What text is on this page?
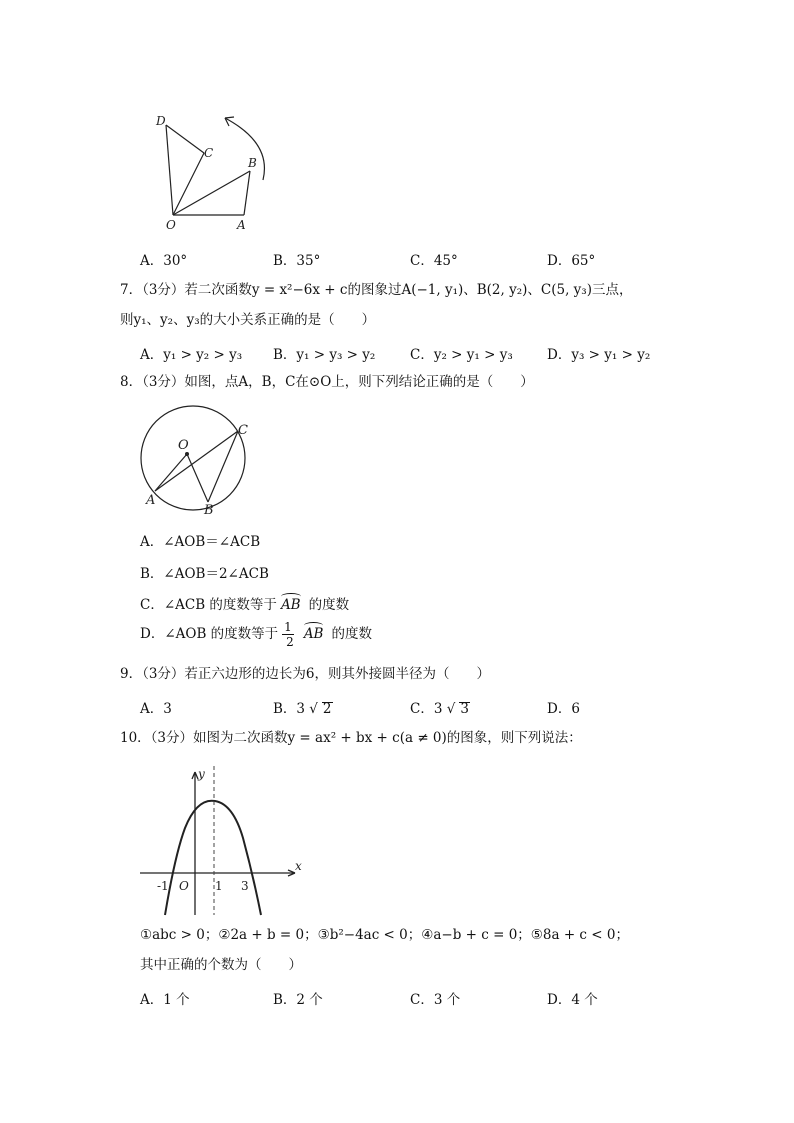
D
C
B
O	A
A．30°	B．35°	C．45°	D．65°
7．（3分）若二次函数y = x²−6x + c的图象过A(−1, y₁)、B(2, y₂)、C(5, y₃)三点，
则y₁、y₂、y₃的大小关系正确的是（　　）
A．y₁ > y₂ > y₃ B．y₁ > y₃ > y₂	C．y₂ > y₁ > y₃	D．y₃ > y₁ > y₂
8．（3分）如图，点A，B，C在⊙O上，则下列结论正确的是（　　）
O
C
A
B
A．∠AOB＝∠ACB
B．∠AOB＝2∠ACB
C．∠ACB 的度数等于 AB 的度数
D．∠AOB 的度数等于 $\frac{1}{2}$ AB 的度数
9．（3分）若正六边形的边长为6，则其外接圆半径为（　　）
A．3	B．3 √ 2	C．3 √ 3	D．6
10．（3分）如图为二次函数y = ax² + bx + c(a ≠ 0)的图象，则下列说法：
y
x
O
-1	1 3
①abc > 0；②2a + b = 0；③b²−4ac < 0；④a−b + c = 0；⑤8a + c < 0；
其中正确的个数为（　　）
A．1 个	B．2 个	C．3 个	D．4 个
